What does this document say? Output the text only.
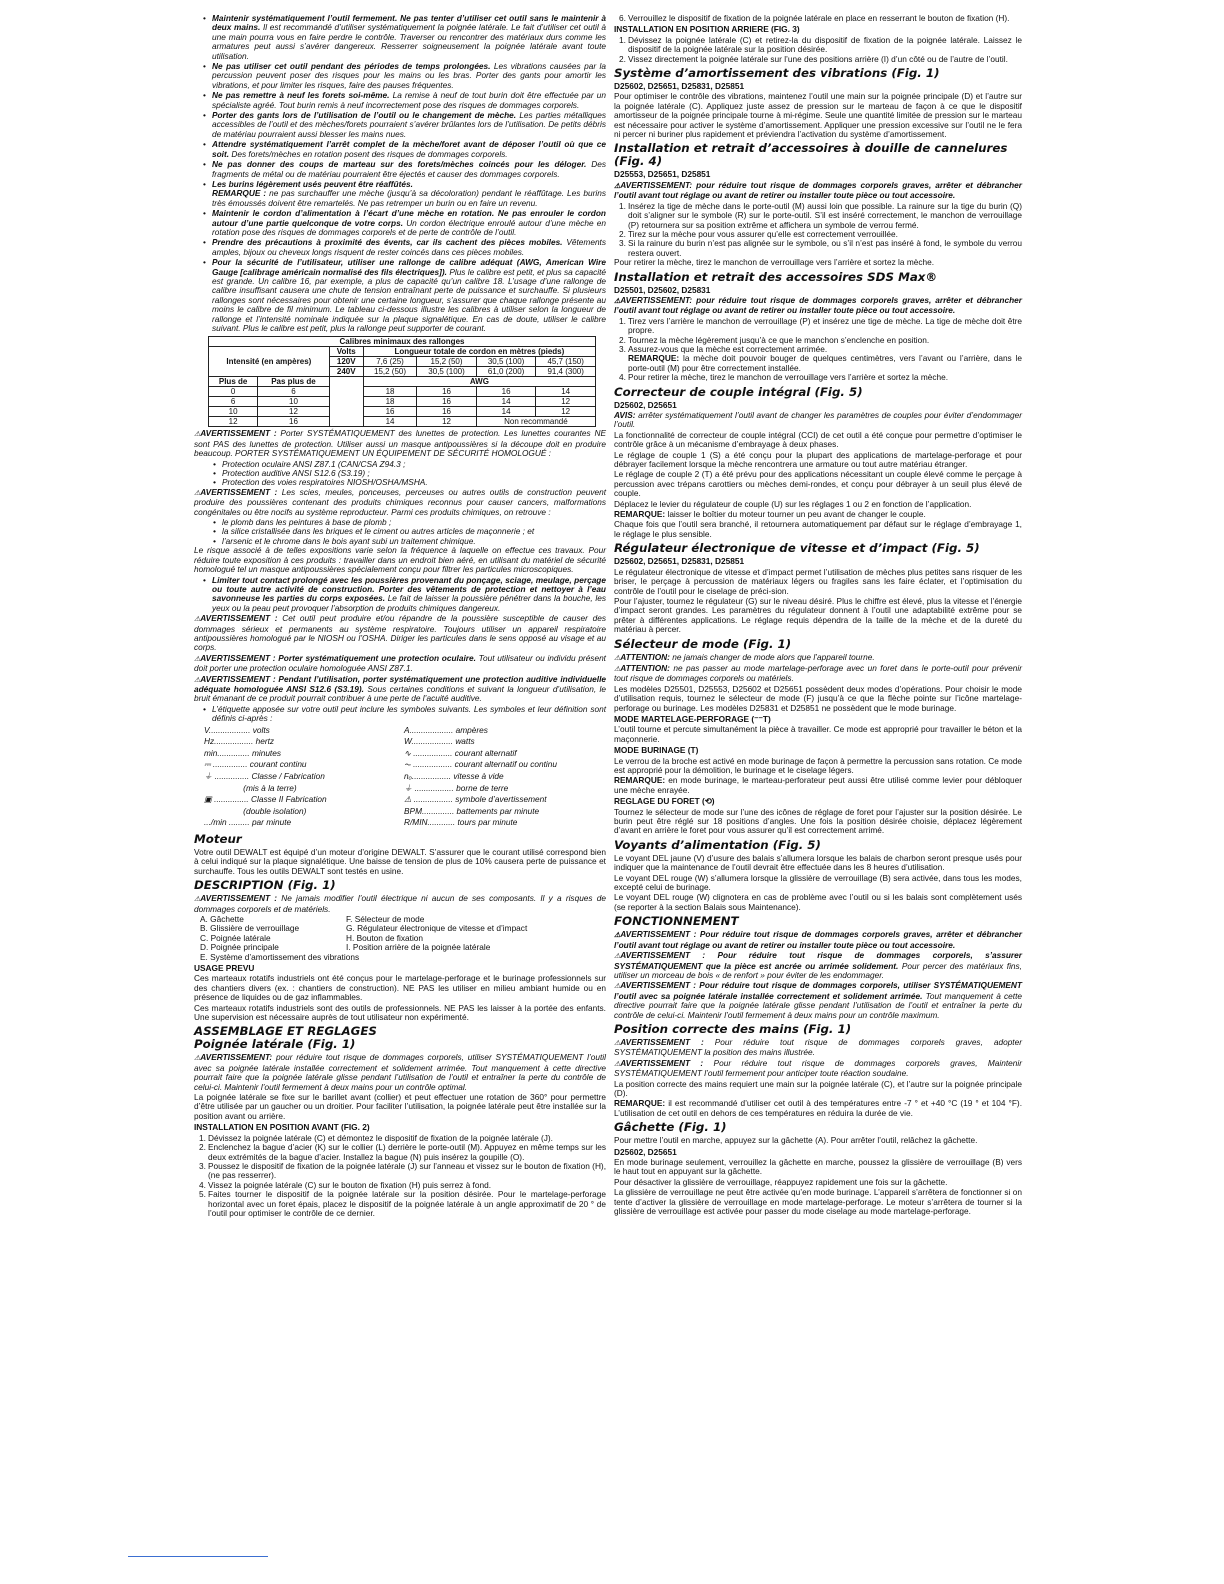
• Maintenir systématiquement l’outil fermement. Ne pas tenter d’utiliser cet outil sans le maintenir à deux mains. Il est recommandé d’utiliser systématiquement la poignée latérale. Le fait d’utiliser cet outil à une main pourra vous en faire perdre le contrôle. Traverser ou rencontrer des matériaux durs comme les armatures peut aussi s’avérer dangereux. Resserrer soigneusement la poignée latérale avant toute utilisation.
• Ne pas utiliser cet outil pendant des périodes de temps prolongées. Les vibrations causées par la percussion peuvent poser des risques pour les mains ou les bras. Porter des gants pour amortir les vibrations, et pour limiter les risques, faire des pauses fréquentes.
• Ne pas remettre à neuf les forets soi-même. La remise à neuf de tout burin doit être effectuée par un spécialiste agréé. Tout burin remis à neuf incorrectement pose des risques de dommages corporels.
• Porter des gants lors de l’utilisation de l’outil ou le changement de mèche. Les parties métalliques accessibles de l’outil et des mèches/forets pourraient s’avérer brûlantes lors de l’utilisation. De petits débris de matériau pourraient aussi blesser les mains nues.
• Attendre systématiquement l’arrêt complet de la mèche/foret avant de déposer l’outil où que ce soit. Des forets/mèches en rotation posent des risques de dommages corporels.
• Ne pas donner des coups de marteau sur des forets/mèches coincés pour les déloger. Des fragments de métal ou de matériau pourraient être éjectés et causer des dommages corporels.
• Les burins légèrement usés peuvent être réaffûtés.
REMARQUE : ne pas surchauffer une mèche (jusqu’à sa décoloration) pendant le réaffûtage. Les burins très émoussés doivent être remartelés. Ne pas retremper un burin ou en faire un revenu.
• Maintenir le cordon d’alimentation à l’écart d’une mèche en rotation. Ne pas enrouler le cordon autour d’une partie quelconque de votre corps. Un cordon électrique enroulé autour d’une mèche en rotation pose des risques de dommages corporels et de perte de contrôle de l’outil.
• Prendre des précautions à proximité des évents, car ils cachent des pièces mobiles. Vêtements amples, bijoux ou cheveux longs risquent de rester coincés dans ces pièces mobiles.
• Pour la sécurité de l’utilisateur, utiliser une rallonge de calibre adéquat (AWG, American Wire Gauge [calibrage américain normalisé des fils électriques]). Plus le calibre est petit, et plus sa capacité est grande. Un calibre 16, par exemple, a plus de capacité qu’un calibre 18. L’usage d’une rallonge de calibre insuffisant causera une chute de tension entraînant perte de puissance et surchauffe. Si plusieurs rallonges sont nécessaires pour obtenir une certaine longueur, s’assurer que chaque rallonge présente au moins le calibre de fil minimum. Le tableau ci-dessous illustre les calibres à utiliser selon la longueur de rallonge et l’intensité nominale indiquée sur la plaque signalétique. En cas de doute, utiliser le calibre suivant. Plus le calibre est petit, plus la rallonge peut supporter de courant.
Calibres minimaux des rallonges						
Intensité (en ampères)		Volts	Longueur totale de cordon en mètres (pieds)			
		120V	7,6 (25)	15,2 (50)	30,5 (100)	45,7 (150)
		240V	15,2 (50)	30,5 (100)	61,0 (200)	91,4 (300)
Plus de	Pas plus de		AWG			
0	6		18	16	16	14
6	10		18	16	14	12
10	12		16	16	14	12
12	16		14	12	Non recommandé	

⚠AVERTISSEMENT : Porter SYSTÉMATIQUEMENT des lunettes de protection. Les lunettes courantes NE sont PAS des lunettes de protection. Utiliser aussi un masque antipoussières si la découpe doit en produire beaucoup. PORTER SYSTÉMATIQUEMENT UN ÉQUIPEMENT DE SÉCURITÉ HOMOLOGUÉ :

• Protection oculaire ANSI Z87.1 (CAN/CSA Z94.3 ;
• Protection auditive ANSI S12.6 (S3.19) ;
• Protection des voies respiratoires NIOSH/OSHA/MSHA.

⚠AVERTISSEMENT : Les scies, meules, ponceuses, perceuses ou autres outils de construction peuvent produire des poussières contenant des produits chimiques reconnus pour causer cancers, malformations congénitales ou être nocifs au système reproducteur. Parmi ces produits chimiques, on retrouve :

• le plomb dans les peintures à base de plomb ;
• la silice cristallisée dans les briques et le ciment ou autres articles de maçonnerie ; et
• l’arsenic et le chrome dans le bois ayant subi un traitement chimique.

Le risque associé à de telles expositions varie selon la fréquence à laquelle on effectue ces travaux. Pour réduire toute exposition à ces produits : travailler dans un endroit bien aéré, en utilisant du matériel de sécurité homologué tel un masque antipoussières spécialement conçu pour filtrer les particules microscopiques.

• Limiter tout contact prolongé avec les poussières provenant du ponçage, sciage, meulage, perçage ou toute autre activité de construction. Porter des vêtements de protection et nettoyer à l’eau savonneuse les parties du corps exposées. Le fait de laisser la poussière pénétrer dans la bouche, les yeux ou la peau peut provoquer l’absorption de produits chimiques dangereux.

⚠AVERTISSEMENT : Cet outil peut produire et/ou répandre de la poussière susceptible de causer des dommages sérieux et permanents au système respiratoire. Toujours utiliser un appareil respiratoire antipoussières homologué par le NIOSH ou l’OSHA. Diriger les particules dans le sens opposé au visage et au corps.

⚠AVERTISSEMENT : Porter systématiquement une protection oculaire. Tout utilisateur ou individu présent doit porter une protection oculaire homologuée ANSI Z87.1.

⚠AVERTISSEMENT : Pendant l’utilisation, porter systématiquement une protection auditive individuelle adéquate homologuée ANSI S12.6 (S3.19). Sous certaines conditions et suivant la longueur d’utilisation, le bruit émanant de ce produit pourrait contribuer à une perte de l’acuité auditive.

• L’étiquette apposée sur votre outil peut inclure les symboles suivants. Les symboles et leur définition sont définis ci-après :
V.................. volts	A................... ampères
Hz................. hertz	W.................. watts
min.............. minutes	∿ ................. courant alternatif
⎓ ............... courant continu	⏦ ................. courant alternatif ou continu
⏚ ............... Classe / Fabrication	nₒ................. vitesse à vide
(mis à la terre)	⏚ ................. borne de terre
▣ ............... Classe II Fabrication	⚠ ................. symbole d’avertissement
(double isolation)	BPM.............. battements par minute
.../min ......... par minute	R/MIN............ tours par minute
Moteur

Votre outil DEWALT est équipé d’un moteur d’origine DEWALT. S’assurer que le courant utilisé correspond bien à celui indiqué sur la plaque signalétique. Une baisse de tension de plus de 10% causera perte de puissance et surchauffe. Tous les outils DEWALT sont testés en usine.

DESCRIPTION (Fig. 1)

⚠AVERTISSEMENT : Ne jamais modifier l’outil électrique ni aucun de ses composants. Il y a risques de dommages corporels et de matériels.

A. Gâchette	F. Sélecteur de mode
B. Glissière de verrouillage	G. Régulateur électronique de vitesse et d’impact
C. Poignée latérale	H. Bouton de fixation
D. Poignée principale	I. Position arrière de la poignée latérale
E. Système d’amortissement des vibrations
USAGE PREVU

Ces marteaux rotatifs industriels ont été conçus pour le martelage-perforage et le burinage professionnels sur des chantiers divers (ex. : chantiers de construction). NE PAS les utiliser en milieu ambiant humide ou en présence de liquides ou de gaz inflammables.

Ces marteaux rotatifs industriels sont des outils de professionnels. NE PAS les laisser à la portée des enfants. Une supervision est nécessaire auprès de tout utilisateur non expérimenté.

ASSEMBLAGE ET REGLAGES
Poignée latérale (Fig. 1)

⚠AVERTISSEMENT: pour réduire tout risque de dommages corporels, utiliser SYSTÉMATIQUEMENT l’outil avec sa poignée latérale installée correctement et solidement arrimée. Tout manquement à cette directive pourrait faire que la poignée latérale glisse pendant l’utilisation de l’outil et entraîner la perte du contrôle de celui-ci. Maintenir l’outil fermement à deux mains pour un contrôle optimal.

La poignée latérale se fixe sur le barillet avant (collier) et peut effectuer une rotation de 360° pour permettre d’être utilisée par un gaucher ou un droitier. Pour faciliter l’utilisation, la poignée latérale peut être installée sur la position avant ou arrière.

INSTALLATION EN POSITION AVANT (FIG. 2)
1. Dévissez la poignée latérale (C) et démontez le dispositif de fixation de la poignée latérale (J).
2. Enclenchez la bague d’acier (K) sur le collier (L) derrière le porte-outil (M). Appuyez en même temps sur les deux extrémités de la bague d’acier. Installez la bague (N) puis insérez la goupille (O).
3. Poussez le dispositif de fixation de la poignée latérale (J) sur l’anneau et vissez sur le bouton de fixation (H), (ne pas resserrer).
4. Vissez la poignée latérale (C) sur le bouton de fixation (H) puis serrez à fond.
5. Faites tourner le dispositif de la poignée latérale sur la position désirée. Pour le martelage-perforage horizontal avec un foret épais, placez le dispositif de la poignée latérale à un angle approximatif de 20 ° de l’outil pour optimiser le contrôle de ce dernier.
6. Verrouillez le dispositif de fixation de la poignée latérale en place en resserrant le bouton de fixation (H).
INSTALLATION EN POSITION ARRIERE (FIG. 3)
1. Dévissez la poignée latérale (C) et retirez-la du dispositif de fixation de la poignée latérale. Laissez le dispositif de la poignée latérale sur la position désirée.
2. Vissez directement la poignée latérale sur l’une des positions arrière (I) d’un côté ou de l’autre de l’outil.
Système d’amortissement des vibrations (Fig. 1)
D25602, D25651, D25831, D25851

Pour optimiser le contrôle des vibrations, maintenez l’outil une main sur la poignée principale (D) et l’autre sur la poignée latérale (C). Appliquez juste assez de pression sur le marteau de façon à ce que le dispositif amortisseur de la poignée principale tourne à mi-régime. Seule une quantité limitée de pression sur le marteau est nécessaire pour activer le système d’amortissement. Appliquer une pression excessive sur l’outil ne le fera ni percer ni buriner plus rapidement et préviendra l’activation du système d’amortissement.

Installation et retrait d’accessoires à douille de cannelures (Fig. 4)
D25553, D25651, D25851

⚠AVERTISSEMENT: pour réduire tout risque de dommages corporels graves, arrêter et débrancher l’outil avant tout réglage ou avant de retirer ou installer toute pièce ou tout accessoire.

1. Insérez la tige de mèche dans le porte-outil (M) aussi loin que possible. La rainure sur la tige du burin (Q) doit s’aligner sur le symbole (R) sur le porte-outil. S’il est inséré correctement, le manchon de verrouillage (P) retournera sur sa position extrême et affichera un symbole de verrou fermé.
2. Tirez sur la mèche pour vous assurer qu’elle est correctement verrouillée.
3. Si la rainure du burin n’est pas alignée sur le symbole, ou s’il n’est pas inséré à fond, le symbole du verrou restera ouvert.

Pour retirer la mèche, tirez le manchon de verrouillage vers l’arrière et sortez la mèche.

Installation et retrait des accessoires SDS Max®
D25501, D25602, D25831

⚠AVERTISSEMENT: pour réduire tout risque de dommages corporels graves, arrêter et débrancher l’outil avant tout réglage ou avant de retirer ou installer toute pièce ou tout accessoire.

1. Tirez vers l’arrière le manchon de verrouillage (P) et insérez une tige de mèche. La tige de mèche doit être propre.
2. Tournez la mèche légèrement jusqu’à ce que le manchon s’enclenche en position.
3. Assurez-vous que la mèche est correctement arrimée.
REMARQUE: la mèche doit pouvoir bouger de quelques centimètres, vers l’avant ou l’arrière, dans le porte-outil (M) pour être correctement installée.
4. Pour retirer la mèche, tirez le manchon de verrouillage vers l’arrière et sortez la mèche.
Correcteur de couple intégral (Fig. 5)
D25602, D25651

AVIS: arrêter systématiquement l’outil avant de changer les paramètres de couples pour éviter d’endommager l’outil.

La fonctionnalité de correcteur de couple intégral (CCI) de cet outil a été conçue pour permettre d’optimiser le contrôle grâce à un mécanisme d’embrayage à deux phases.

Le réglage de couple 1 (S) a été conçu pour la plupart des applications de martelage-perforage et pour débrayer facilement lorsque la mèche rencontrera une armature ou tout autre matériau étranger.

Le réglage de couple 2 (T) a été prévu pour des applications nécessitant un couple élevé comme le perçage à percussion avec trépans carottiers ou mèches demi-rondes, et conçu pour débrayer à un seuil plus élevé de couple.

Déplacez le levier du régulateur de couple (U) sur les réglages 1 ou 2 en fonction de l’application.

REMARQUE: laisser le boîtier du moteur tourner un peu avant de changer le couple.

Chaque fois que l’outil sera branché, il retournera automatiquement par défaut sur le réglage d’embrayage 1, le réglage le plus sensible.

Régulateur électronique de vitesse et d’impact (Fig. 5)
D25602, D25651, D25831, D25851

Le régulateur électronique de vitesse et d’impact permet l’utilisation de mèches plus petites sans risquer de les briser, le perçage à percussion de matériaux légers ou fragiles sans les faire éclater, et l’optimisation du contrôle de l’outil pour le ciselage de préci-sion.

Pour l’ajuster, tournez le régulateur (G) sur le niveau désiré. Plus le chiffre est élevé, plus la vitesse et l’énergie d’impact seront grandes. Les paramètres du régulateur donnent à l’outil une adaptabilité extrême pour se prêter à différentes applications. Le réglage requis dépendra de la taille de la mèche et de la dureté du matériau à percer.

Sélecteur de mode (Fig. 1)

⚠ATTENTION: ne jamais changer de mode alors que l’appareil tourne.

⚠ATTENTION: ne pas passer au mode martelage-perforage avec un foret dans le porte-outil pour prévenir tout risque de dommages corporels ou matériels.

Les modèles D25501, D25553, D25602 et D25651 possèdent deux modes d’opérations. Pour choisir le mode d’utilisation requis, tournez le sélecteur de mode (F) jusqu’à ce que la flèche pointe sur l’icône martelage-perforage ou burinage. Les modèles D25831 et D25851 ne possèdent que le mode burinage.

MODE MARTELAGE-PERFORAGE (⁻⁻T)

L’outil tourne et percute simultanément la pièce à travailler. Ce mode est approprié pour travailler le béton et la maçonnerie.

MODE BURINAGE (T)

Le verrou de la broche est activé en mode burinage de façon à permettre la percussion sans rotation. Ce mode est approprié pour la démolition, le burinage et le ciselage légers.

REMARQUE: en mode burinage, le marteau-perforateur peut aussi être utilisé comme levier pour débloquer une mèche enrayée.

REGLAGE DU FORET (⟲)

Tournez le sélecteur de mode sur l’une des icônes de réglage de foret pour l’ajuster sur la position désirée. Le burin peut être réglé sur 18 positions d’angles. Une fois la position désirée choisie, déplacez légèrement d’avant en arrière le foret pour vous assurer qu’il est correctement arrimé.

Voyants d’alimentation (Fig. 5)

Le voyant DEL jaune (V) d’usure des balais s’allumera lorsque les balais de charbon seront presque usés pour indiquer que la maintenance de l’outil devrait être effectuée dans les 8 heures d’utilisation.

Le voyant DEL rouge (W) s’allumera lorsque la glissière de verrouillage (B) sera activée, dans tous les modes, excepté celui de burinage.

Le voyant DEL rouge (W) clignotera en cas de problème avec l’outil ou si les balais sont complètement usés (se reporter à la section Balais sous Maintenance).

FONCTIONNEMENT

⚠AVERTISSEMENT : Pour réduire tout risque de dommages corporels graves, arrêter et débrancher l’outil avant tout réglage ou avant de retirer ou installer toute pièce ou tout accessoire.

⚠AVERTISSEMENT : Pour réduire tout risque de dommages corporels, s’assurer SYSTÉMATIQUEMENT que la pièce est ancrée ou arrimée solidement. Pour percer des matériaux fins, utiliser un morceau de bois « de renfort » pour éviter de les endommager.

⚠AVERTISSEMENT : Pour réduire tout risque de dommages corporels, utiliser SYSTÉMATIQUEMENT l’outil avec sa poignée latérale installée correctement et solidement arrimée. Tout manquement à cette directive pourrait faire que la poignée latérale glisse pendant l’utilisation de l’outil et entraîner la perte du contrôle de celui-ci. Maintenir l’outil fermement à deux mains pour un contrôle maximum.

Position correcte des mains (Fig. 1)

⚠AVERTISSEMENT : Pour réduire tout risque de dommages corporels graves, adopter SYSTÉMATIQUEMENT la position des mains illustrée.

⚠AVERTISSEMENT : Pour réduire tout risque de dommages corporels graves, Maintenir SYSTÉMATIQUEMENT l’outil fermement pour anticiper toute réaction soudaine.

La position correcte des mains requiert une main sur la poignée latérale (C), et l’autre sur la poignée principale (D).

REMARQUE: il est recommandé d’utiliser cet outil à des températures entre -7 ° et +40 °C (19 ° et 104 °F). L’utilisation de cet outil en dehors de ces températures en réduira la durée de vie.

Gâchette (Fig. 1)

Pour mettre l’outil en marche, appuyez sur la gâchette (A). Pour arrêter l’outil, relâchez la gâchette.

D25602, D25651

En mode burinage seulement, verrouillez la gâchette en marche, poussez la glissière de verrouillage (B) vers le haut tout en appuyant sur la gâchette.

Pour désactiver la glissière de verrouillage, réappuyez rapidement une fois sur la gâchette.

La glissière de verrouillage ne peut être activée qu’en mode burinage. L’appareil s’arrêtera de fonctionner si on tente d’activer la glissière de verrouillage en mode martelage-perforage. Le moteur s’arrêtera de tourner si la glissière de verrouillage est activée pour passer du mode ciselage au mode martelage-perforage.
